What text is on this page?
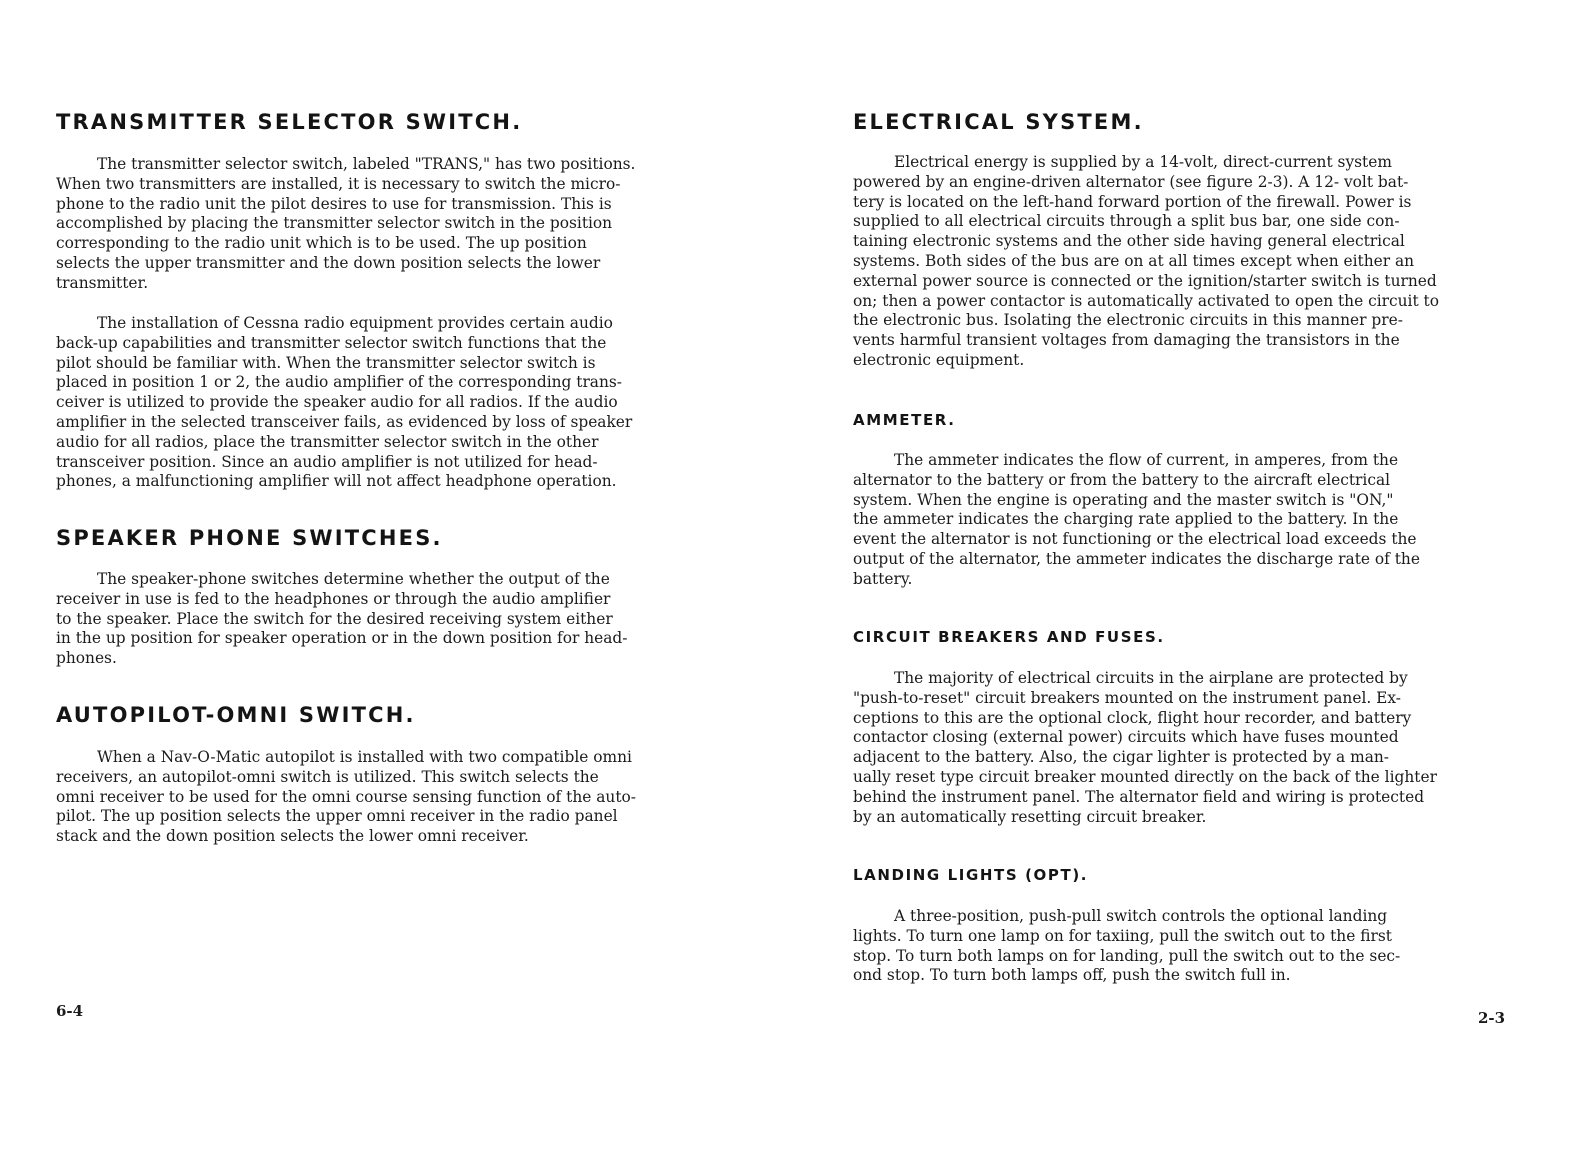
TRANSMITTER SELECTOR SWITCH.
The transmitter selector switch, labeled "TRANS," has two positions.
When two transmitters are installed, it is necessary to switch the micro-
phone to the radio unit the pilot desires to use for transmission. This is
accomplished by placing the transmitter selector switch in the position
corresponding to the radio unit which is to be used. The up position
selects the upper transmitter and the down position selects the lower
transmitter.
The installation of Cessna radio equipment provides certain audio
back-up capabilities and transmitter selector switch functions that the
pilot should be familiar with. When the transmitter selector switch is
placed in position 1 or 2, the audio amplifier of the corresponding trans-
ceiver is utilized to provide the speaker audio for all radios. If the audio
amplifier in the selected transceiver fails, as evidenced by loss of speaker
audio for all radios, place the transmitter selector switch in the other
transceiver position. Since an audio amplifier is not utilized for head-
phones, a malfunctioning amplifier will not affect headphone operation.
SPEAKER PHONE SWITCHES.
The speaker-phone switches determine whether the output of the
receiver in use is fed to the headphones or through the audio amplifier
to the speaker. Place the switch for the desired receiving system either
in the up position for speaker operation or in the down position for head-
phones.
AUTOPILOT-OMNI SWITCH.
When a Nav-O-Matic autopilot is installed with two compatible omni
receivers, an autopilot-omni switch is utilized. This switch selects the
omni receiver to be used for the omni course sensing function of the auto-
pilot. The up position selects the upper omni receiver in the radio panel
stack and the down position selects the lower omni receiver.
6-4
ELECTRICAL SYSTEM.
Electrical energy is supplied by a 14-volt, direct-current system
powered by an engine-driven alternator (see figure 2-3). A 12- volt bat-
tery is located on the left-hand forward portion of the firewall. Power is
supplied to all electrical circuits through a split bus bar, one side con-
taining electronic systems and the other side having general electrical
systems. Both sides of the bus are on at all times except when either an
external power source is connected or the ignition/starter switch is turned
on; then a power contactor is automatically activated to open the circuit to
the electronic bus. Isolating the electronic circuits in this manner pre-
vents harmful transient voltages from damaging the transistors in the
electronic equipment.
AMMETER.
The ammeter indicates the flow of current, in amperes, from the
alternator to the battery or from the battery to the aircraft electrical
system. When the engine is operating and the master switch is "ON,"
the ammeter indicates the charging rate applied to the battery. In the
event the alternator is not functioning or the electrical load exceeds the
output of the alternator, the ammeter indicates the discharge rate of the
battery.
CIRCUIT BREAKERS AND FUSES.
The majority of electrical circuits in the airplane are protected by
"push-to-reset" circuit breakers mounted on the instrument panel. Ex-
ceptions to this are the optional clock, flight hour recorder, and battery
contactor closing (external power) circuits which have fuses mounted
adjacent to the battery. Also, the cigar lighter is protected by a man-
ually reset type circuit breaker mounted directly on the back of the lighter
behind the instrument panel. The alternator field and wiring is protected
by an automatically resetting circuit breaker.
LANDING LIGHTS (OPT).
A three-position, push-pull switch controls the optional landing
lights. To turn one lamp on for taxiing, pull the switch out to the first
stop. To turn both lamps on for landing, pull the switch out to the sec-
ond stop. To turn both lamps off, push the switch full in.
2-3
